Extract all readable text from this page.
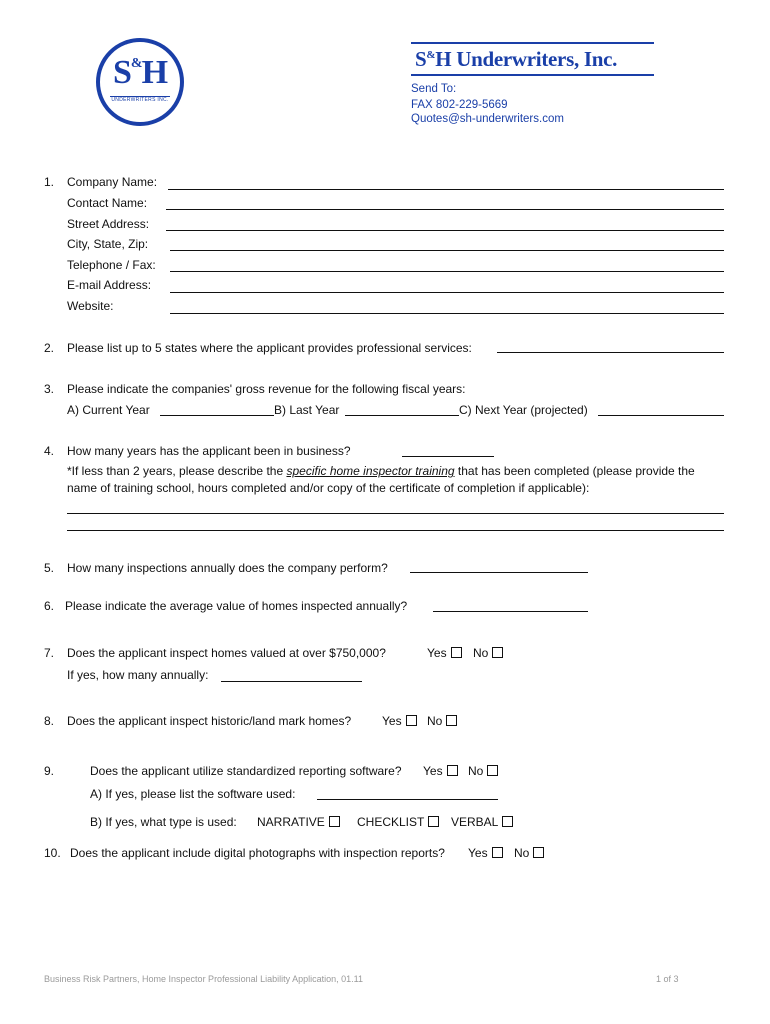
S&H
UNDERWRITERS INC.
S&H Underwriters, Inc.
Send To:
FAX 802-229-5669
Quotes@sh-underwriters.com
1. Company Name:
Contact Name:
Street Address:
City, State, Zip:
Telephone / Fax:
E-mail Address:
Website:
2. Please list up to 5 states where the applicant provides professional services:
3. Please indicate the companies' gross revenue for the following fiscal years:
A) Current Year	B) Last Year	C) Next Year (projected)
4. How many years has the applicant been in business?
*If less than 2 years, please describe the specific home inspector training that has been completed (please provide the
name of training school, hours completed and/or copy of the certificate of completion if applicable):
5. How many inspections annually does the company perform?
6. Please indicate the average value of homes inspected annually?
7. Does the applicant inspect homes valued at over $750,000?	Yes	No
If yes, how many annually:
8. Does the applicant inspect historic/land mark homes?	Yes	No
9.	Does the applicant utilize standardized reporting software? Yes	No
A) If yes, please list the software used:
B) If yes, what type is used: NARRATIVE	CHECKLIST	VERBAL
10. Does the applicant include digital photographs with inspection reports? Yes	No
Business Risk Partners, Home Inspector Professional Liability Application, 01.11	1 of 3
